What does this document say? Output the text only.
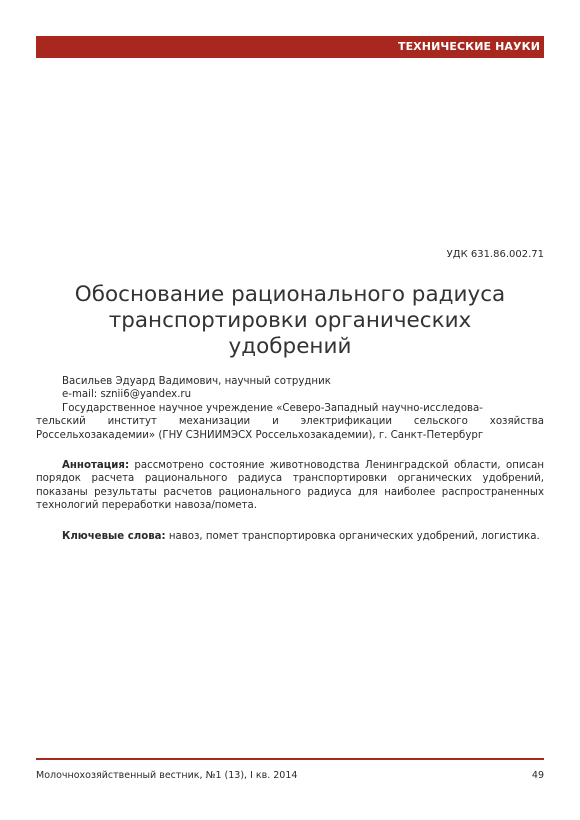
ТЕХНИЧЕСКИЕ НАУКИ
УДК 631.86.002.71
Обоснование рационального радиуса
транспортировки органических
удобрений
Васильев Эдуард Вадимович, научный сотрудник
e-mail: szniі6@yandex.ru
Государственное научное учреждение «Северо-Западный научно-исследова-
тельский институт механизации и электрификации сельского хозяйства Россельхозакадемии» (ГНУ СЗНИИМЭСХ Россельхозакадемии), г. Санкт-Петербург
Аннотация: рассмотрено состояние животноводства Ленинградской области, описан порядок расчета рационального радиуса транспортировки органических удобрений, показаны результаты расчетов рационального радиуса для наиболее распространенных технологий переработки навоза/помета.
Ключевые слова: навоз, помет транспортировка органических удобрений, логистика.
Молочнохозяйственный вестник, №1 (13), I кв. 2014	49
